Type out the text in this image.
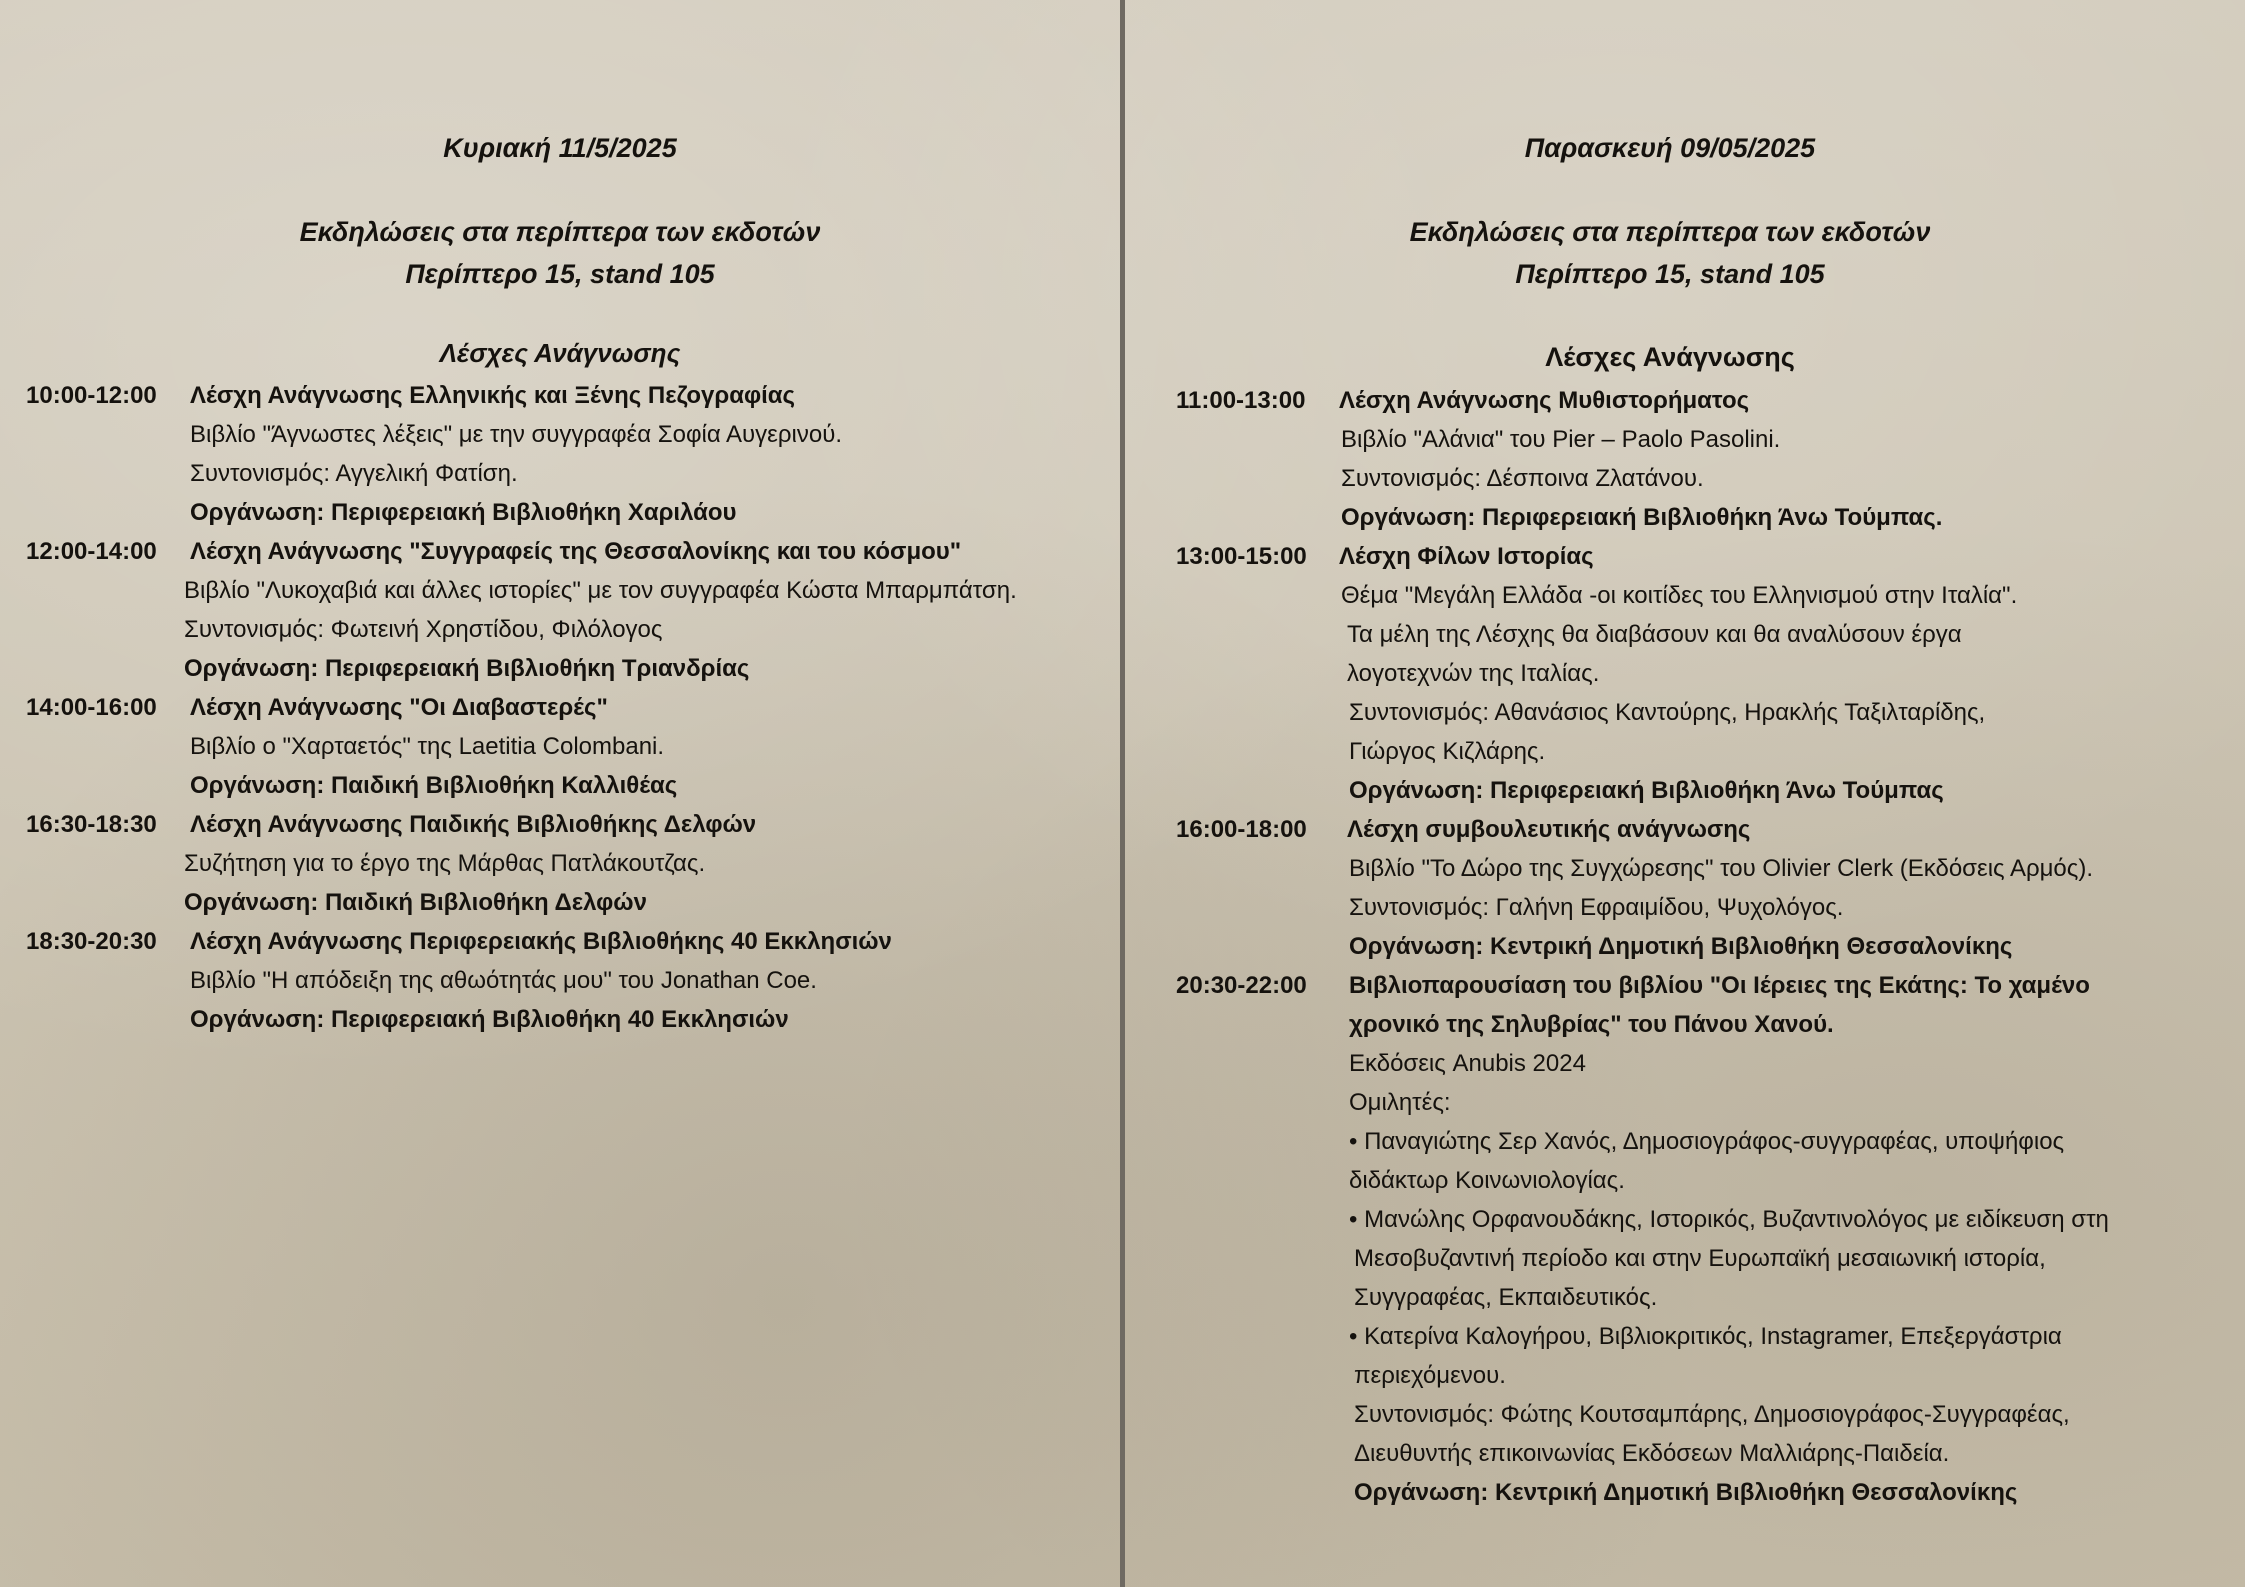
Κυριακή 11/5/2025
Εκδηλώσεις στα περίπτερα των εκδοτών
Περίπτερο 15, stand 105
Λέσχες Ανάγνωσης
10:00-12:00 Λέσχη Ανάγνωσης Ελληνικής και Ξένης Πεζογραφίας
Βιβλίο "Άγνωστες λέξεις" με την συγγραφέα Σοφία Αυγερινού.
Συντονισμός: Αγγελική Φατίση.
Οργάνωση: Περιφερειακή Βιβλιοθήκη Χαριλάου
12:00-14:00 Λέσχη Ανάγνωσης "Συγγραφείς της Θεσσαλονίκης και του κόσμου"
Βιβλίο "Λυκοχαβιά και άλλες ιστορίες" με τον συγγραφέα Κώστα Μπαρμπάτση.
Συντονισμός: Φωτεινή Χρηστίδου, Φιλόλογος
Οργάνωση: Περιφερειακή Βιβλιοθήκη Τριανδρίας
14:00-16:00 Λέσχη Ανάγνωσης "Οι Διαβαστερές"
Βιβλίο ο "Χαρταετός" της Laetitia Colombani.
Οργάνωση: Παιδική Βιβλιοθήκη Καλλιθέας
16:30-18:30 Λέσχη Ανάγνωσης Παιδικής Βιβλιοθήκης Δελφών
Συζήτηση για το έργο της Μάρθας Πατλάκουτζας.
Οργάνωση: Παιδική Βιβλιοθήκη Δελφών
18:30-20:30 Λέσχη Ανάγνωσης Περιφερειακής Βιβλιοθήκης 40 Εκκλησιών
Βιβλίο "Η απόδειξη της αθωότητάς μου" του Jonathan Coe.
Οργάνωση: Περιφερειακή Βιβλιοθήκη 40 Εκκλησιών
Παρασκευή 09/05/2025
Εκδηλώσεις στα περίπτερα των εκδοτών
Περίπτερο 15, stand 105
Λέσχες Ανάγνωσης
11:00-13:00 Λέσχη Ανάγνωσης Μυθιστορήματος
Βιβλίο "Αλάνια" του Pier – Paolo Pasolini.
Συντονισμός: Δέσποινα Ζλατάνου.
Οργάνωση: Περιφερειακή Βιβλιοθήκη Άνω Τούμπας.
13:00-15:00 Λέσχη Φίλων Ιστορίας
Θέμα "Μεγάλη Ελλάδα -οι κοιτίδες του Ελληνισμού στην Ιταλία".
Τα μέλη της Λέσχης θα διαβάσουν και θα αναλύσουν έργα
λογοτεχνών της Ιταλίας.
Συντονισμός: Αθανάσιος Καντούρης, Ηρακλής Ταξιλταρίδης,
Γιώργος Κιζλάρης.
Οργάνωση: Περιφερειακή Βιβλιοθήκη Άνω Τούμπας
16:00-18:00 Λέσχη συμβουλευτικής ανάγνωσης
Βιβλίο "Το Δώρο της Συγχώρεσης" του Olivier Clerk (Εκδόσεις Αρμός).
Συντονισμός: Γαλήνη Εφραιμίδου, Ψυχολόγος.
Οργάνωση: Κεντρική Δημοτική Βιβλιοθήκη Θεσσαλονίκης
20:30-22:00 Βιβλιοπαρουσίαση του βιβλίου "Οι Ιέρειες της Εκάτης: Το χαμένο
χρονικό της Σηλυβρίας" του Πάνου Χανού.
Εκδόσεις Anubis 2024
Ομιλητές:
• Παναγιώτης Σερ Χανός, Δημοσιογράφος-συγγραφέας, υποψήφιος
διδάκτωρ Κοινωνιολογίας.
• Μανώλης Ορφανουδάκης, Ιστορικός, Βυζαντινολόγος με ειδίκευση στη
Μεσοβυζαντινή περίοδο και στην Ευρωπαϊκή μεσαιωνική ιστορία,
Συγγραφέας, Εκπαιδευτικός.
• Κατερίνα Καλογήρου, Βιβλιοκριτικός, Instagramer, Επεξεργάστρια
περιεχόμενου.
Συντονισμός: Φώτης Κουτσαμπάρης, Δημοσιογράφος-Συγγραφέας,
Διευθυντής επικοινωνίας Εκδόσεων Μαλλιάρης-Παιδεία.
Οργάνωση: Κεντρική Δημοτική Βιβλιοθήκη Θεσσαλονίκης
